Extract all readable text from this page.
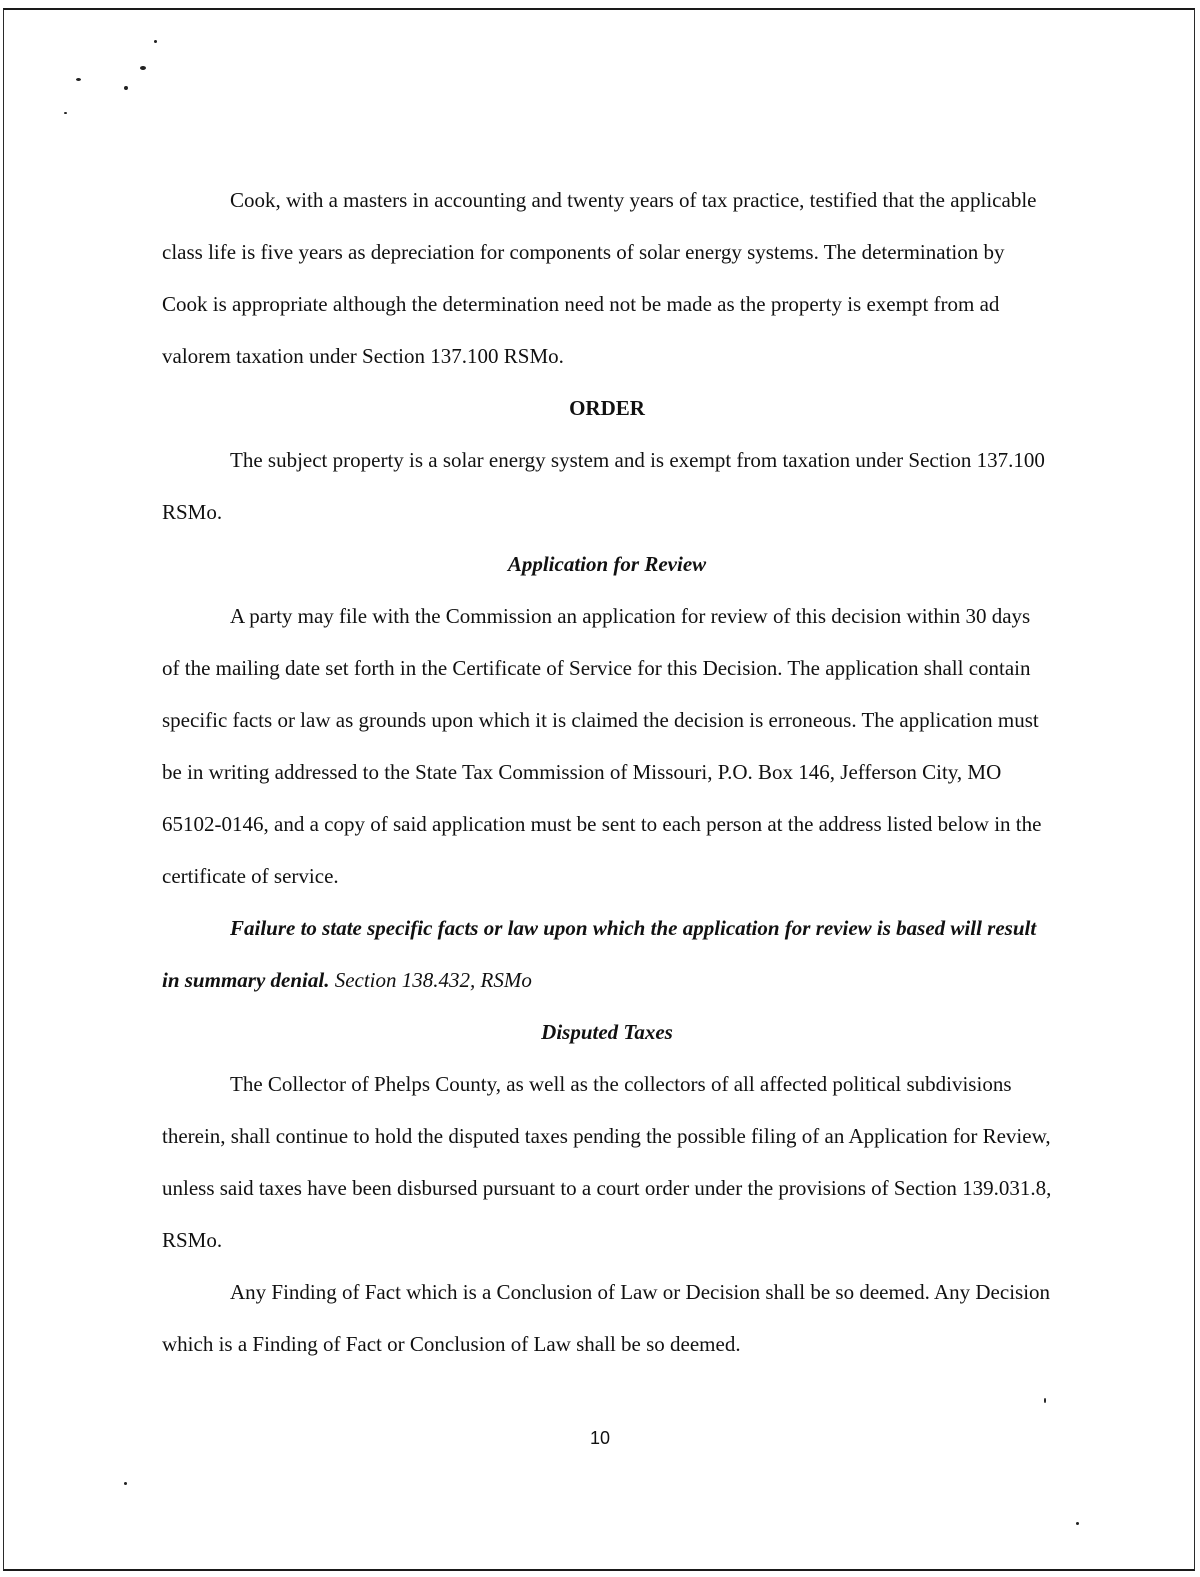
Cook, with a masters in accounting and twenty years of tax practice, testified that the applicable class life is five years as depreciation for components of solar energy systems. The determination by Cook is appropriate although the determination need not be made as the property is exempt from ad valorem taxation under Section 137.100 RSMo.

ORDER

The subject property is a solar energy system and is exempt from taxation under Section 137.100 RSMo.

Application for Review

A party may file with the Commission an application for review of this decision within 30 days of the mailing date set forth in the Certificate of Service for this Decision. The application shall contain specific facts or law as grounds upon which it is claimed the decision is erroneous. The application must be in writing addressed to the State Tax Commission of Missouri, P.O. Box 146, Jefferson City, MO 65102-0146, and a copy of said application must be sent to each person at the address listed below in the certificate of service.

Failure to state specific facts or law upon which the application for review is based will result in summary denial. Section 138.432, RSMo

Disputed Taxes

The Collector of Phelps County, as well as the collectors of all affected political subdivisions therein, shall continue to hold the disputed taxes pending the possible filing of an Application for Review, unless said taxes have been disbursed pursuant to a court order under the provisions of Section 139.031.8, RSMo.

Any Finding of Fact which is a Conclusion of Law or Decision shall be so deemed. Any Decision which is a Finding of Fact or Conclusion of Law shall be so deemed.

10
